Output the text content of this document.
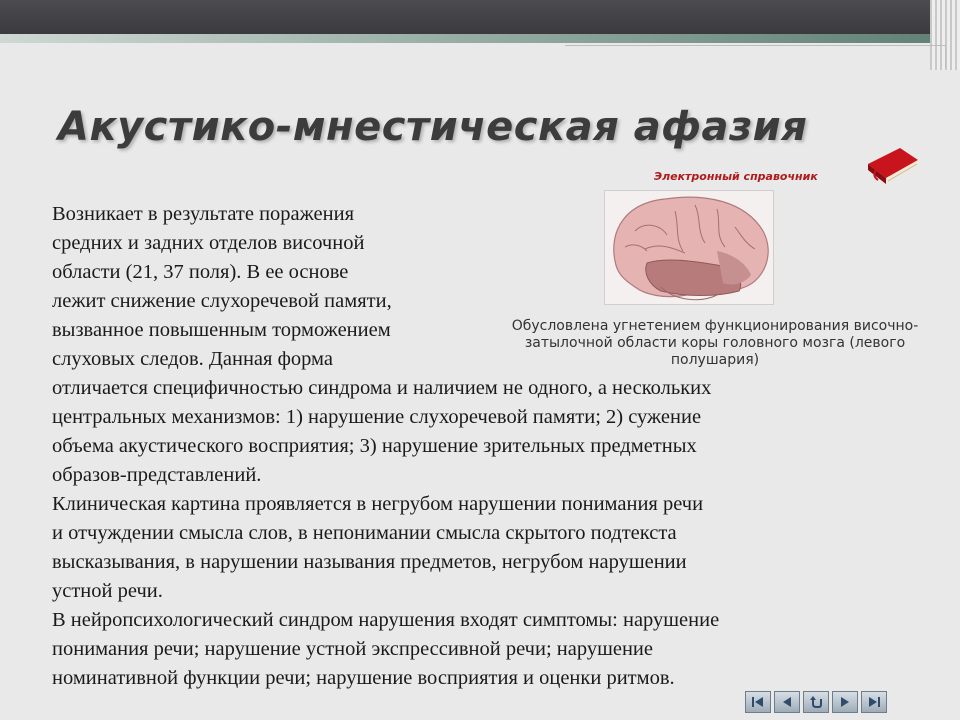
Акустико-мнестическая афазия
Электронный справочник
Обусловлена угнетением функционирования височно-
затылочной области коры головного мозга (левого
полушария)
Возникает в результате поражения
средних и задних отделов височной
области (21, 37 поля). В ее основе
лежит снижение слухоречевой памяти,
вызванное повышенным торможением
слуховых следов. Данная форма
отличается специфичностью синдрома и наличием не одного, а нескольких
центральных механизмов: 1) нарушение слухоречевой памяти; 2) сужение
объема акустического восприятия; 3) нарушение зрительных предметных
образов-представлений.
Клиническая картина проявляется в негрубом нарушении понимания речи
и отчуждении смысла слов, в непонимании смысла скрытого подтекста
высказывания, в нарушении называния предметов, негрубом нарушении
устной речи.
В нейропсихологический синдром нарушения входят симптомы: нарушение
понимания речи; нарушение устной экспрессивной речи; нарушение
номинативной функции речи; нарушение восприятия и оценки ритмов.
